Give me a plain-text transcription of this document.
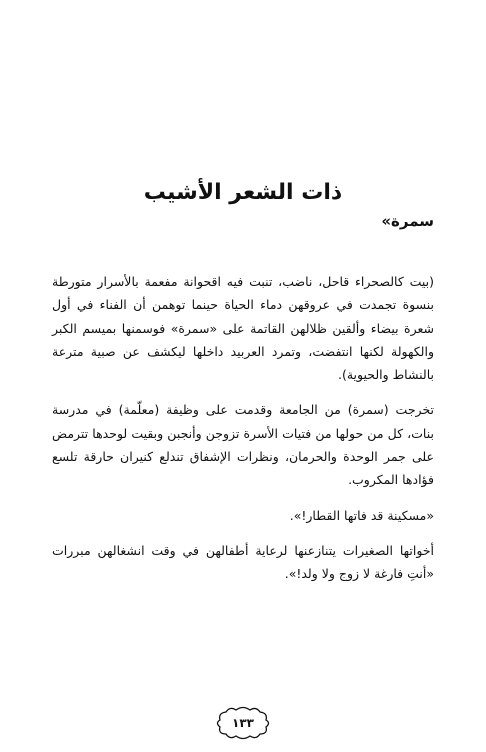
ذات الشعر الأشيب
سمرة»

(بيت كالصحراء قاحل، ناضب، تنبت فيه اقحوانة مفعمة بالأسرار متورطة بنسوة تجمدت في عروقهن دماء الحياة حينما توهمن أن الفناء في أول شعرة بيضاء وألقين ظلالهن القاتمة على «سمرة» فوسمنها بميسم الكبر والكهولة لكنها انتفضت، وتمرد العربيد داخلها ليكشف عن صبية مترعة بالنشاط والحيوية).

تخرجت (سمرة) من الجامعة وقدمت على وظيفة (معلّمة) في مدرسة بنات، كل من حولها من فتيات الأسرة تزوجن وأنجبن وبقيت لوحدها تترمض على جمر الوحدة والحرمان، ونظرات الإشفاق تندلع كنيران حارقة تلسع فؤادها المكروب.

«مسكينة قد فاتها القطار!».

أخواتها الصغيرات يتنازعنها لرعاية أطفالهن في وقت انشغالهن مبررات «أنتِ فارغة لا زوج ولا ولد!».

١٣٣
